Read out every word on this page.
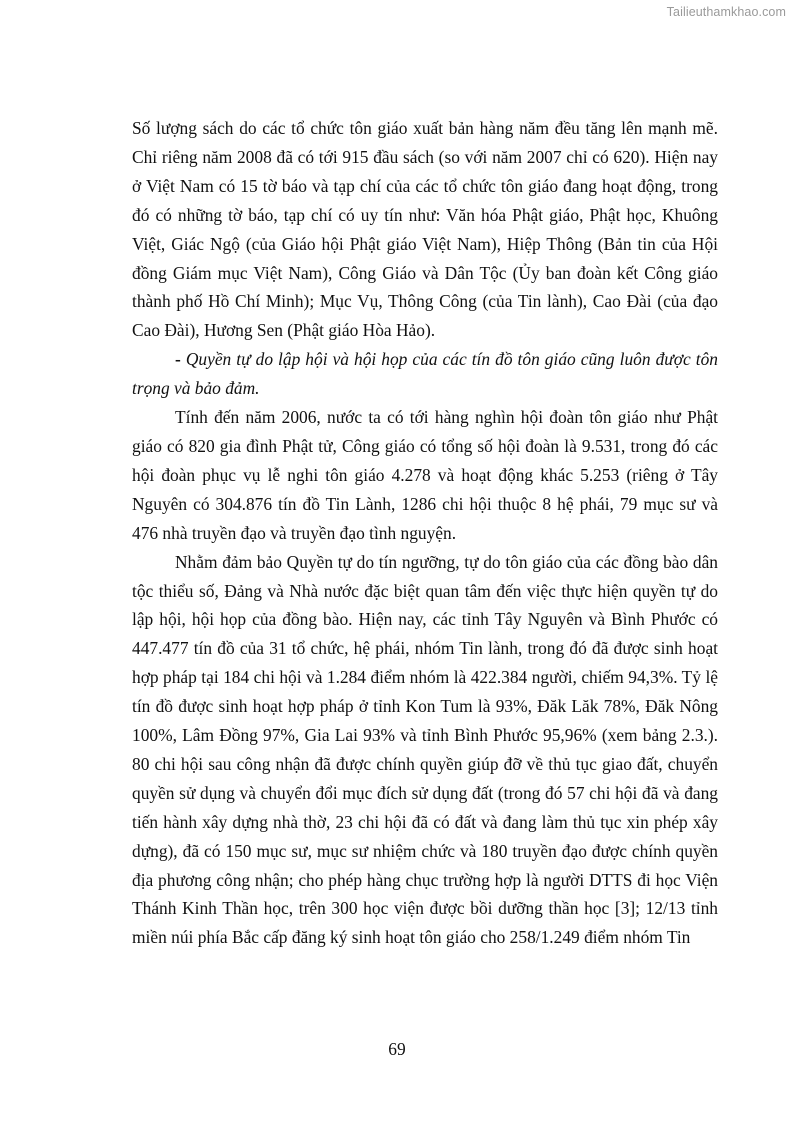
Tailieuthamkhao.com

Số lượng sách do các tổ chức tôn giáo xuất bản hàng năm đều tăng lên mạnh mẽ. Chỉ riêng năm 2008 đã có tới 915 đầu sách (so với năm 2007 chỉ có 620). Hiện nay ở Việt Nam có 15 tờ báo và tạp chí của các tổ chức tôn giáo đang hoạt động, trong đó có những tờ báo, tạp chí có uy tín như: Văn hóa Phật giáo, Phật học, Khuông Việt, Giác Ngộ (của Giáo hội Phật giáo Việt Nam), Hiệp Thông (Bản tin của Hội đồng Giám mục Việt Nam), Công Giáo và Dân Tộc (Ủy ban đoàn kết Công giáo thành phố Hồ Chí Minh); Mục Vụ, Thông Công (của Tin lành), Cao Đài (của đạo Cao Đài), Hương Sen (Phật giáo Hòa Hảo).

- Quyền tự do lập hội và hội họp của các tín đồ tôn giáo cũng luôn được tôn trọng và bảo đảm.

Tính đến năm 2006, nước ta có tới hàng nghìn hội đoàn tôn giáo như Phật giáo có 820 gia đình Phật tử, Công giáo có tổng số hội đoàn là 9.531, trong đó các hội đoàn phục vụ lễ nghi tôn giáo 4.278 và hoạt động khác 5.253 (riêng ở Tây Nguyên có 304.876 tín đồ Tin Lành, 1286 chi hội thuộc 8 hệ phái, 79 mục sư và 476 nhà truyền đạo và truyền đạo tình nguyện.

Nhằm đảm bảo Quyền tự do tín ngưỡng, tự do tôn giáo của các đồng bào dân tộc thiểu số, Đảng và Nhà nước đặc biệt quan tâm đến việc thực hiện quyền tự do lập hội, hội họp của đồng bào. Hiện nay, các tỉnh Tây Nguyên và Bình Phước có 447.477 tín đồ của 31 tổ chức, hệ phái, nhóm Tin lành, trong đó đã được sinh hoạt hợp pháp tại 184 chi hội và 1.284 điểm nhóm là 422.384 người, chiếm 94,3%. Tỷ lệ tín đồ được sinh hoạt hợp pháp ở tỉnh Kon Tum là 93%, Đăk Lăk 78%, Đăk Nông 100%, Lâm Đồng 97%, Gia Lai 93% và tỉnh Bình Phước 95,96% (xem bảng 2.3.). 80 chi hội sau công nhận đã được chính quyền giúp đỡ về thủ tục giao đất, chuyển quyền sử dụng và chuyển đổi mục đích sử dụng đất (trong đó 57 chi hội đã và đang tiến hành xây dựng nhà thờ, 23 chi hội đã có đất và đang làm thủ tục xin phép xây dựng), đã có 150 mục sư, mục sư nhiệm chức và 180 truyền đạo được chính quyền địa phương công nhận; cho phép hàng chục trường hợp là người DTTS đi học Viện Thánh Kinh Thần học, trên 300 học viện được bồi dưỡng thần học [3]; 12/13 tỉnh miền núi phía Bắc cấp đăng ký sinh hoạt tôn giáo cho 258/1.249 điểm nhóm Tin

69
